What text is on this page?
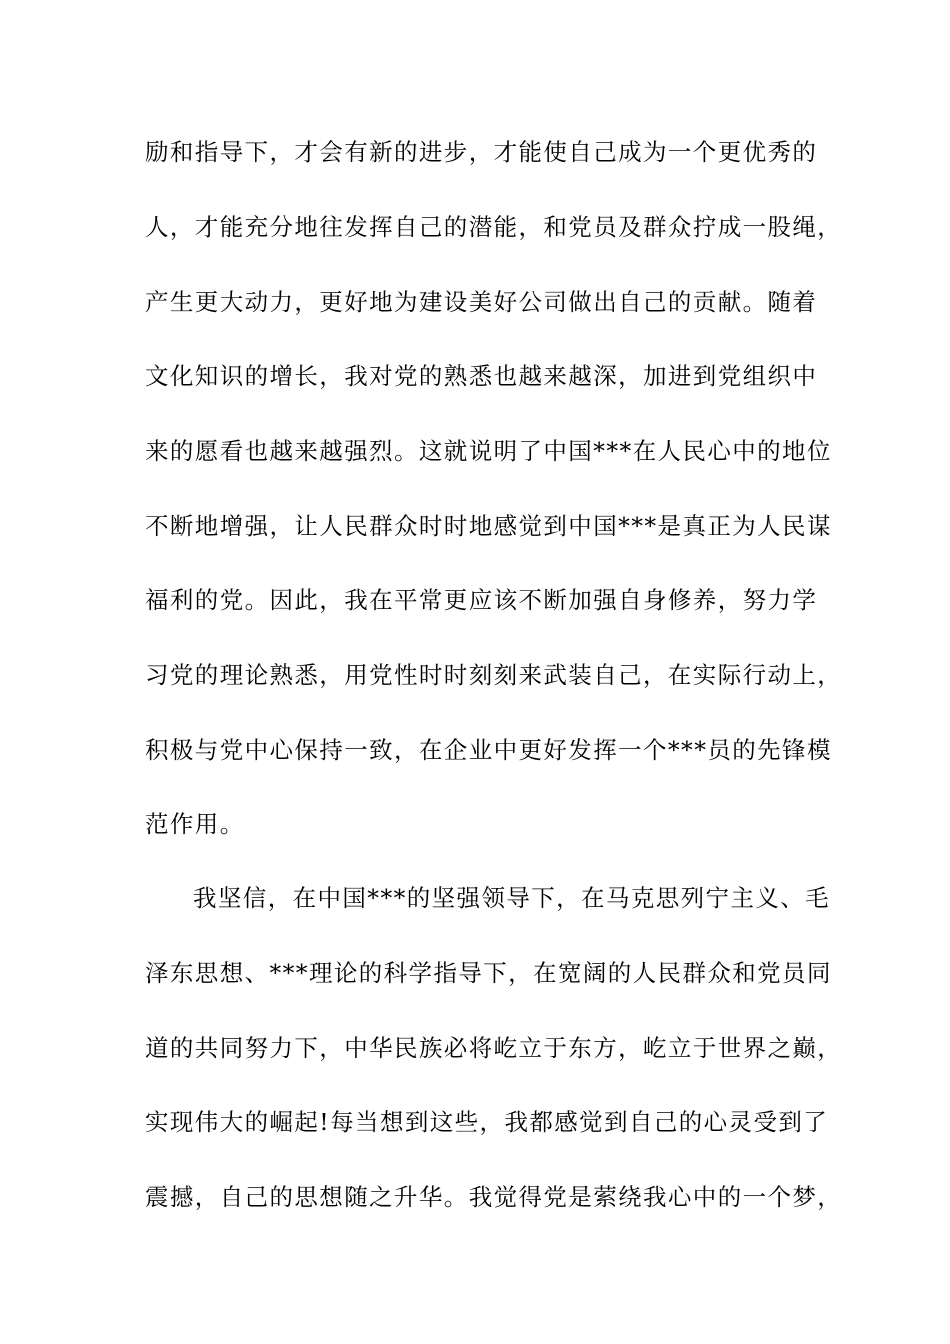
励和指导下，才会有新的进步，才能使自己成为一个更优秀的
人，才能充分地往发挥自己的潜能，和党员及群众拧成一股绳，
产生更大动力，更好地为建设美好公司做出自己的贡献。随着
文化知识的增长，我对党的熟悉也越来越深，加进到党组织中
来的愿看也越来越强烈。这就说明了中国***在人民心中的地位
不断地增强，让人民群众时时地感觉到中国***是真正为人民谋
福利的党。因此，我在平常更应该不断加强自身修养，努力学
习党的理论熟悉，用党性时时刻刻来武装自己，在实际行动上，
积极与党中心保持一致，在企业中更好发挥一个***员的先锋模
范作用。
我坚信，在中国***的坚强领导下，在马克思列宁主义、毛
泽东思想、***理论的科学指导下，在宽阔的人民群众和党员同
道的共同努力下，中华民族必将屹立于东方，屹立于世界之巅，
实现伟大的崛起!每当想到这些，我都感觉到自己的心灵受到了
震撼，自己的思想随之升华。我觉得党是萦绕我心中的一个梦，
